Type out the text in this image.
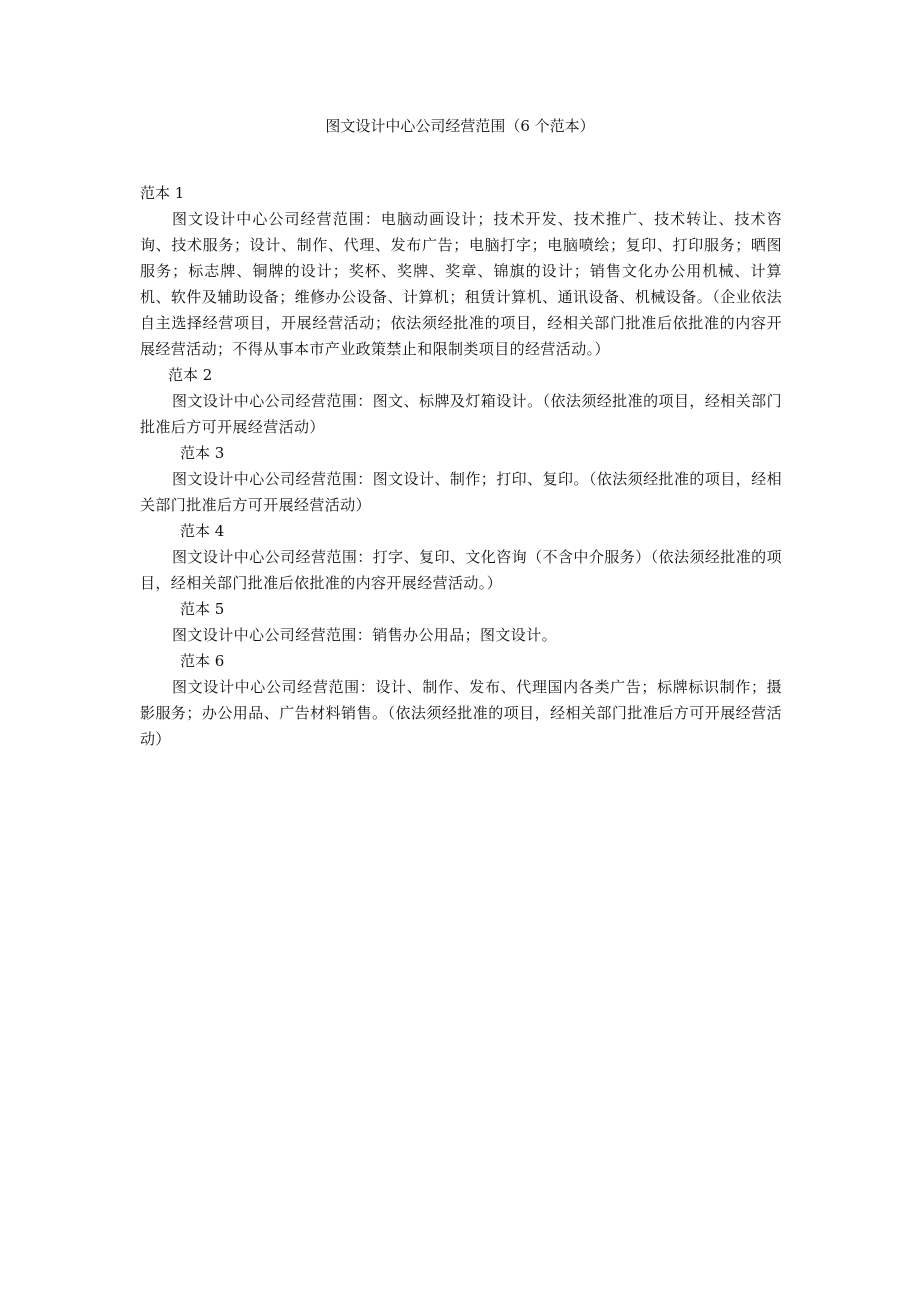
图文设计中心公司经营范围（6 个范本）
范本 1
图文设计中心公司经营范围：电脑动画设计；技术开发、技术推广、技术转让、技术咨询、技术服务；设计、制作、代理、发布广告；电脑打字；电脑喷绘；复印、打印服务；晒图服务；标志牌、铜牌的设计；奖杯、奖牌、奖章、锦旗的设计；销售文化办公用机械、计算机、软件及辅助设备；维修办公设备、计算机；租赁计算机、通讯设备、机械设备。（企业依法自主选择经营项目，开展经营活动；依法须经批准的项目，经相关部门批准后依批准的内容开展经营活动；不得从事本市产业政策禁止和限制类项目的经营活动。）
范本 2
图文设计中心公司经营范围：图文、标牌及灯箱设计。（依法须经批准的项目，经相关部门批准后方可开展经营活动）
范本 3
图文设计中心公司经营范围：图文设计、制作；打印、复印。（依法须经批准的项目，经相关部门批准后方可开展经营活动）
范本 4
图文设计中心公司经营范围：打字、复印、文化咨询（不含中介服务）（依法须经批准的项目，经相关部门批准后依批准的内容开展经营活动。）
范本 5
图文设计中心公司经营范围：销售办公用品；图文设计。
范本 6
图文设计中心公司经营范围：设计、制作、发布、代理国内各类广告；标牌标识制作；摄影服务；办公用品、广告材料销售。（依法须经批准的项目，经相关部门批准后方可开展经营活动）
